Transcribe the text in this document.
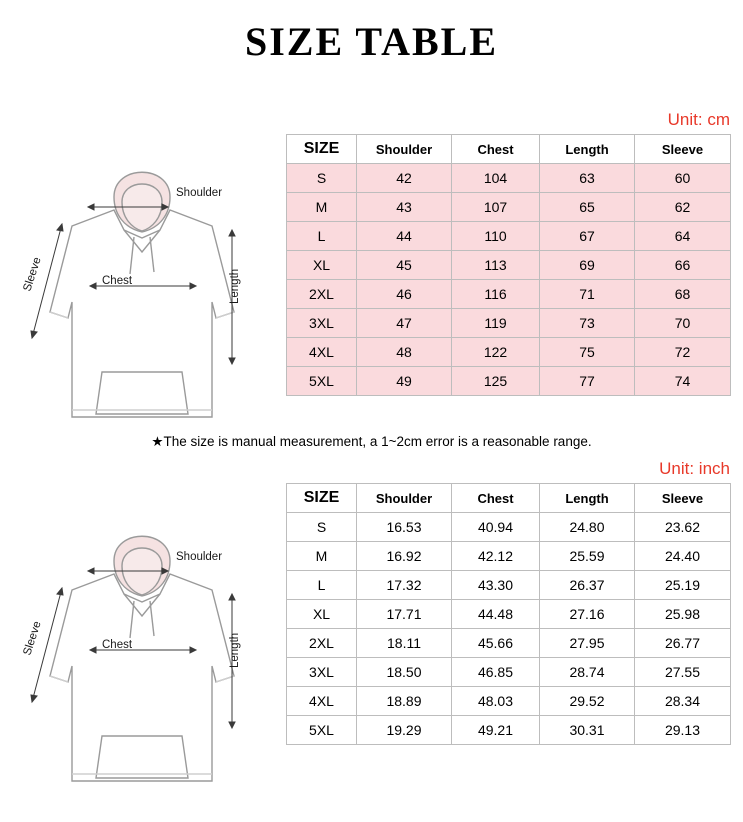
SIZE TABLE
Shoulder
Chest	Length
Sleeve
Unit: cm
SIZE	Shoulder	Chest	Length	Sleeve
S	42	104	63	60
M	43	107	65	62
L	44	110	67	64
XL	45	113	69	66
2XL	46	116	71	68
3XL	47	119	73	70
4XL	48	122	75	72
5XL	49	125	77	74
★The size is manual measurement, a 1~2cm error is a reasonable range.
Shoulder
Chest	Length
Sleeve
Unit: inch
SIZE	Shoulder	Chest	Length	Sleeve
S	16.53	40.94	24.80	23.62
M	16.92	42.12	25.59	24.40
L	17.32	43.30	26.37	25.19
XL	17.71	44.48	27.16	25.98
2XL	18.11	45.66	27.95	26.77
3XL	18.50	46.85	28.74	27.55
4XL	18.89	48.03	29.52	28.34
5XL	19.29	49.21	30.31	29.13
